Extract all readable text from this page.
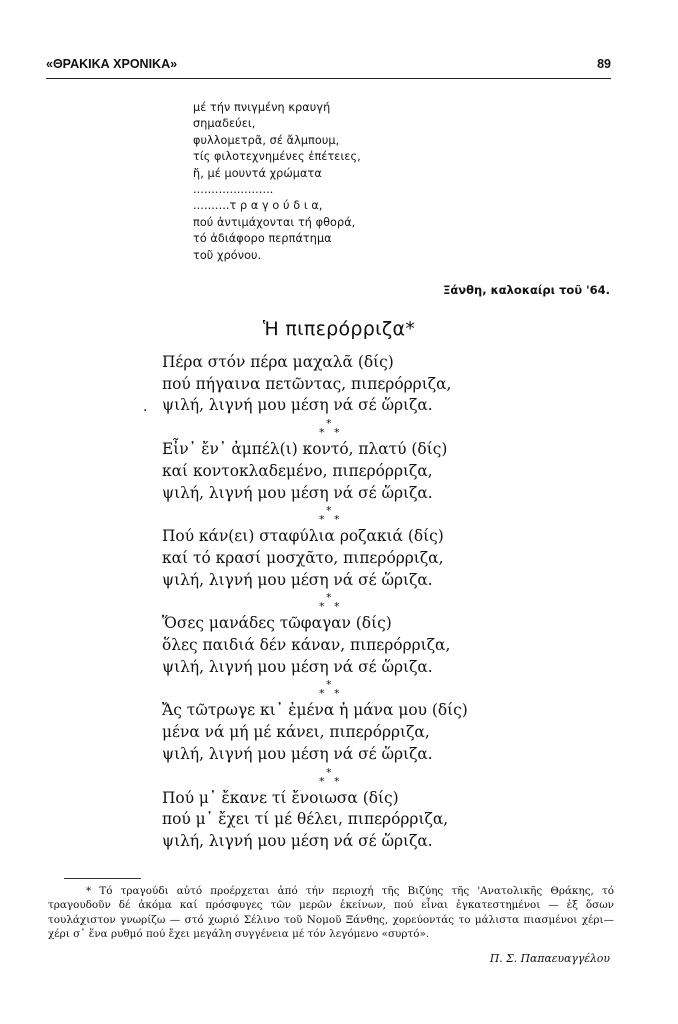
«ΘΡΑΚΙΚΑ ΧΡΟΝΙΚΑ»	89
μέ τήν πνιγμένη κραυγή
σημαδεύει,
φυλλομετρᾶ, σέ ἄλμπουμ,
τίς φιλοτεχνημένες ἐπέτειες,
ἤ, μέ μουντά χρώματα
......................
..........τ ρ α γ ο ύ δ ι α,
πού ἀντιμάχονται τή φθορά,
τό ἀδιάφορο περπάτημα
τοῦ χρόνου.
Ξάνθη, καλοκαίρι τοῦ '64.
Ἡ πιπερόρριζα*
·
Πέρα στόν πέρα μαχαλᾶ (δίς)
πού πήγαινα πετῶντας, πιπερόρριζα,
ψιλή, λιγνή μου μέση νά σέ ὥριζα.
*
* *
Εἶν᾽ ἔν᾽ ἀμπέλ(ι) κοντό, πλατύ (δίς)
καί κοντοκλαδεμένο, πιπερόρριζα,
ψιλή, λιγνή μου μέση νά σέ ὥριζα.
*
* *
Πού κάν(ει) σταφύλια ροζακιά (δίς)
καί τό κρασί μοσχᾶτο, πιπερόρριζα,
ψιλή, λιγνή μου μέση νά σέ ὥριζα.
*
* *
Ὅσες μανάδες τῶφαγαν (δίς)
ὅλες παιδιά δέν κάναν, πιπερόρριζα,
ψιλή, λιγνή μου μέση νά σέ ὥριζα.
*
* *
Ἄς τῶτρωγε κι᾽ ἐμένα ἡ μάνα μου (δίς)
μένα νά μή μέ κάνει, πιπερόρριζα,
ψιλή, λιγνή μου μέση νά σέ ὥριζα.
*
* *
Πού μ᾽ ἔκανε τί ἔνοιωσα (δίς)
πού μ᾽ ἔχει τί μέ θέλει, πιπερόρριζα,
ψιλή, λιγνή μου μέση νά σέ ὥριζα.
* Τό τραγούδι αὐτό προέρχεται ἀπό τήν περιοχή τῆς Βιζύης τῆς 'Ανατολικῆς Θράκης, τό τραγουδοῦν δέ ἀκόμα καί πρόσφυγες τῶν μερῶν ἐκείνων, πού εἶναι ἐγκατεστημένοι — ἐξ ὅσων τουλάχιστον γνωρίζω — στό χωριό Σέλινο τοῦ Νομοῦ Ξάνθης, χορεύοντάς το μάλιστα πιασμένοι χέρι—χέρι σ᾽ ἕνα ρυθμό πού ἔχει μεγάλη συγγένεια μέ τόν λεγόμενο «συρτό».
Π. Σ. Παπαευαγγέλου
